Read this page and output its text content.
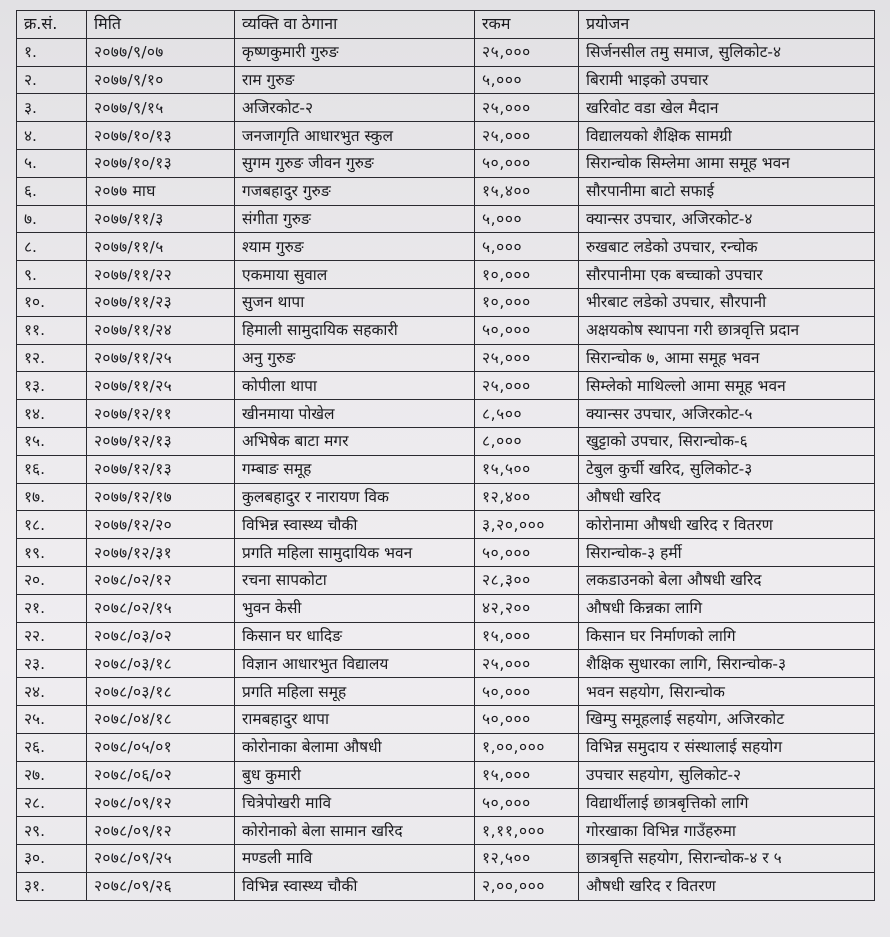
क्र.सं.	मिति	व्यक्ति वा ठेगाना	रकम	प्रयोजन
१.	२०७७/९/०७	कृष्णकुमारी गुरुङ	२५,०००	सिर्जनसील तमु समाज, सुलिकोट-४
२.	२०७७/९/१०	राम गुरुङ	५,०००	बिरामी भाइको उपचार
३.	२०७७/९/१५	अजिरकोट-२	२५,०००	खरिवोट वडा खेल मैदान
४.	२०७७/१०/१३	जनजागृति आधारभुत स्कुल	२५,०००	विद्यालयको शैक्षिक सामग्री
५.	२०७७/१०/१३	सुगम गुरुङ जीवन गुरुङ	५०,०००	सिरान्चोक सिम्लेमा आमा समूह भवन
६.	२०७७ माघ	गजबहादुर गुरुङ	१५,४००	सौरपानीमा बाटो सफाई
७.	२०७७/११/३	संगीता गुरुङ	५,०००	क्यान्सर उपचार, अजिरकोट-४
८.	२०७७/११/५	श्याम गुरुङ	५,०००	रुखबाट लडेको उपचार, रन्चोक
९.	२०७७/११/२२	एकमाया सुवाल	१०,०००	सौरपानीमा एक बच्चाको उपचार
१०.	२०७७/११/२३	सुजन थापा	१०,०००	भीरबाट लडेको उपचार, सौरपानी
११.	२०७७/११/२४	हिमाली सामुदायिक सहकारी	५०,०००	अक्षयकोष स्थापना गरी छात्रवृत्ति प्रदान
१२.	२०७७/११/२५	अनु गुरुङ	२५,०००	सिरान्चोक ७, आमा समूह भवन
१३.	२०७७/११/२५	कोपीला थापा	२५,०००	सिम्लेको माथिल्लो आमा समूह भवन
१४.	२०७७/१२/११	खीनमाया पोखेल	८,५००	क्यान्सर उपचार, अजिरकोट-५
१५.	२०७७/१२/१३	अभिषेक बाटा मगर	८,०००	खुट्टाको उपचार, सिरान्चोक-६
१६.	२०७७/१२/१३	गम्बाङ समूह	१५,५००	टेबुल कुर्ची खरिद, सुलिकोट-३
१७.	२०७७/१२/१७	कुलबहादुर र नारायण विक	१२,४००	औषधी खरिद
१८.	२०७७/१२/२०	विभिन्न स्वास्थ्य चौकी	३,२०,०००	कोरोनामा औषधी खरिद र वितरण
१९.	२०७७/१२/३१	प्रगति महिला सामुदायिक भवन	५०,०००	सिरान्चोक-३ हर्मी
२०.	२०७८/०२/१२	रचना सापकोटा	२८,३००	लकडाउनको बेला औषधी खरिद
२१.	२०७८/०२/१५	भुवन केसी	४२,२००	औषधी किन्नका लागि
२२.	२०७८/०३/०२	किसान घर धादिङ	१५,०००	किसान घर निर्माणको लागि
२३.	२०७८/०३/१८	विज्ञान आधारभुत विद्यालय	२५,०००	शैक्षिक सुधारका लागि, सिरान्चोक-३
२४.	२०७८/०३/१८	प्रगति महिला समूह	५०,०००	भवन सहयोग, सिरान्चोक
२५.	२०७८/०४/१८	रामबहादुर थापा	५०,०००	खिम्पु समूहलाई सहयोग, अजिरकोट
२६.	२०७८/०५/०१	कोरोनाका बेलामा औषधी	१,००,०००	विभिन्न समुदाय र संस्थालाई सहयोग
२७.	२०७८/०६/०२	बुध कुमारी	१५,०००	उपचार सहयोग, सुलिकोट-२
२८.	२०७८/०९/१२	चित्रेपोखरी मावि	५०,०००	विद्यार्थीलाई छात्रबृत्तिको लागि
२९.	२०७८/०९/१२	कोरोनाको बेला सामान खरिद	१,११,०००	गोरखाका विभिन्न गाउँहरुमा
३०.	२०७८/०९/२५	मण्डली मावि	१२,५००	छात्रबृत्ति सहयोग, सिरान्चोक-४ र ५
३१.	२०७८/०९/२६	विभिन्न स्वास्थ्य चौकी	२,००,०००	औषधी खरिद र वितरण
